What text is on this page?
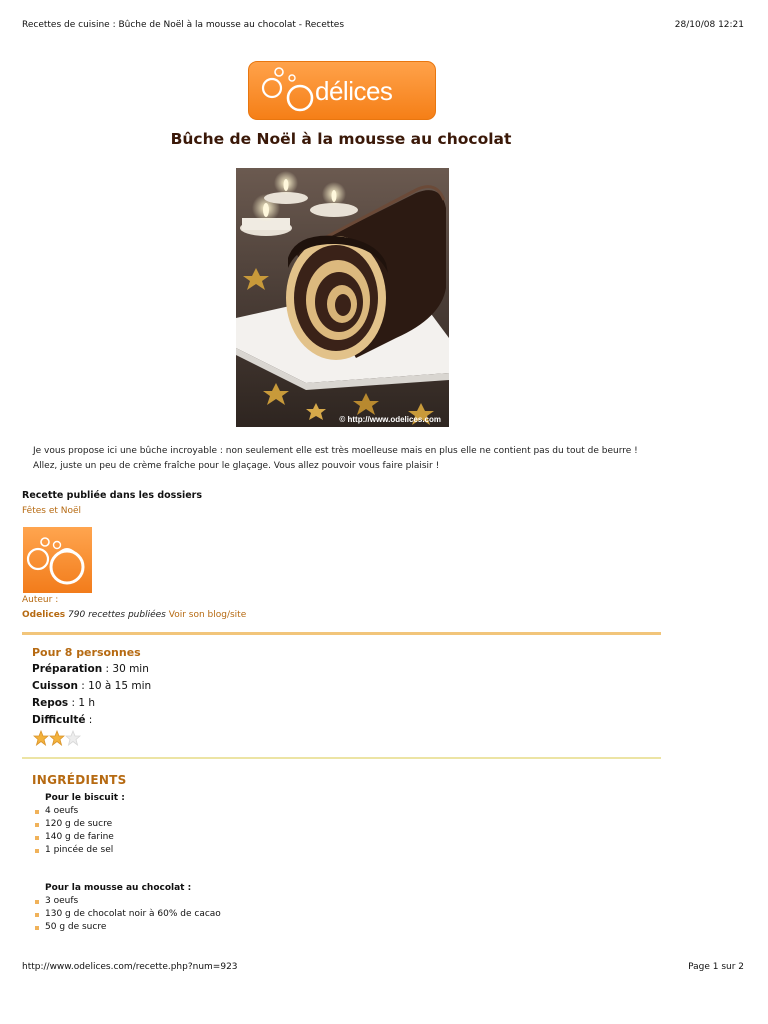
Recettes de cuisine : Bûche de Noël à la mousse au chocolat - Recettes	28/10/08 12:21
délices
Bûche de Noël à la mousse au chocolat
© http://www.odelices.com
Je vous propose ici une bûche incroyable : non seulement elle est très moelleuse mais en plus elle ne contient pas du tout de beurre !
Allez, juste un peu de crème fraîche pour le glaçage. Vous allez pouvoir vous faire plaisir !
Recette publiée dans les dossiers
Fêtes et Noël
Auteur :
Odelices 790 recettes publiées Voir son blog/site
Pour 8 personnes
Préparation : 30 min
Cuisson : 10 à 15 min
Repos : 1 h
Difficulté :
INGRÉDIENTS
Pour le biscuit :
4 oeufs
120 g de sucre
140 g de farine
1 pincée de sel
Pour la mousse au chocolat :
3 oeufs
130 g de chocolat noir à 60% de cacao
50 g de sucre
http://www.odelices.com/recette.php?num=923	Page 1 sur 2
